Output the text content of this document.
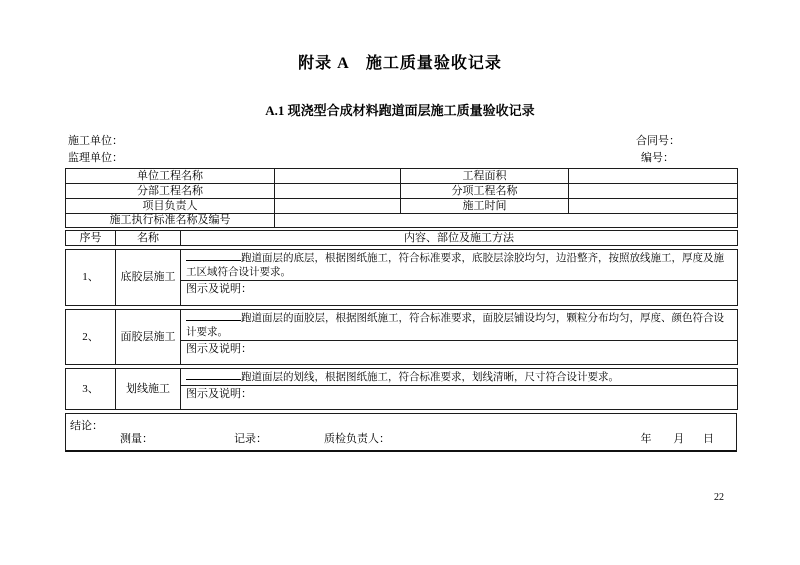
附录 A　施工质量验收记录
A.1 现浇型合成材料跑道面层施工质量验收记录
施工单位：
监理单位：
合同号：
编号：
单位工程名称		工程面积	
分部工程名称		分项工程名称	
项目负责人		施工时间	
施工执行标准名称及编号			
序号	名称	内容、部位及施工方法
1、	底胶层施工	跑道面层的底层，根据图纸施工，符合标准要求，底胶层涂胶均匀，边沿整齐，按照放线施工，厚度及施工区域符合设计要求。
图示及说明：
2、	面胶层施工	跑道面层的面胶层，根据图纸施工，符合标准要求，面胶层铺设均匀，颗粒分布均匀，厚度、颜色符合设计要求。
图示及说明：
3、	划线施工	跑道面层的划线，根据图纸施工，符合标准要求，划线清晰，尺寸符合设计要求。
图示及说明：
结论：
测量：	记录：	质检负责人：	年 月 日
22
